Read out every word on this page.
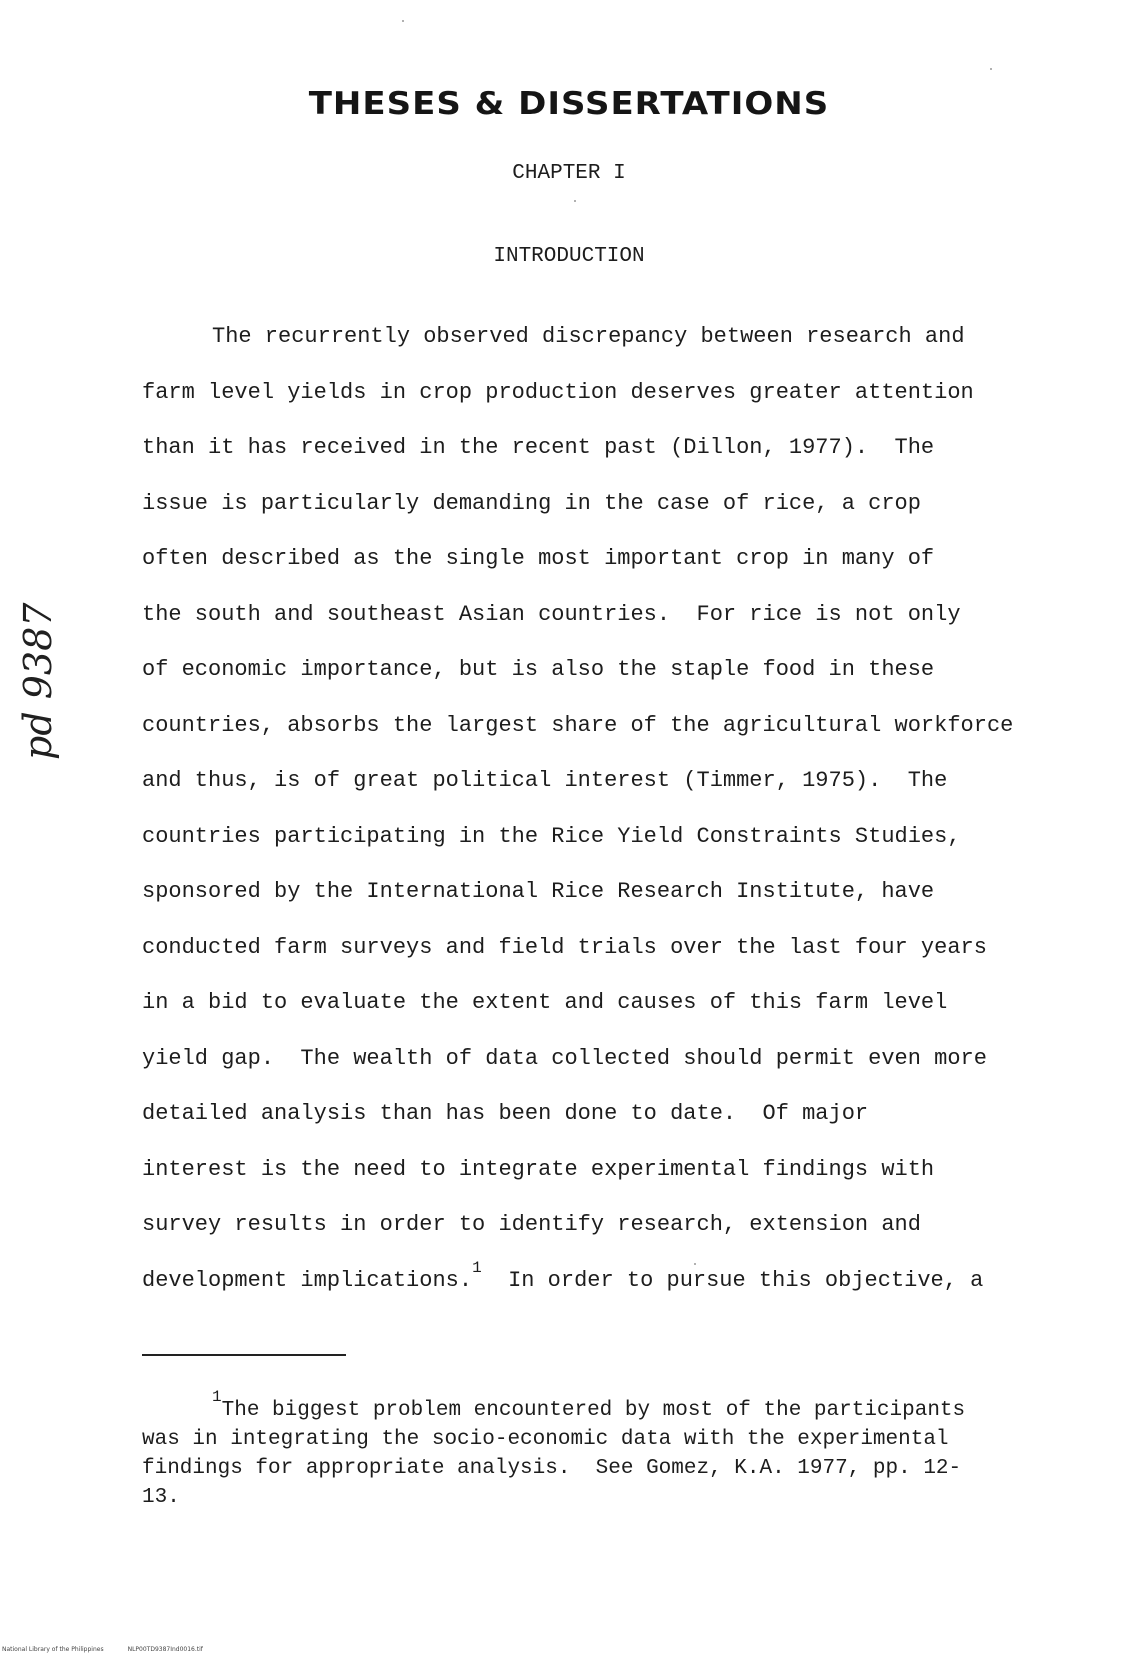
THESES & DISSERTATIONS
CHAPTER I
INTRODUCTION
The recurrently observed discrepancy between research and
farm level yields in crop production deserves greater attention
than it has received in the recent past (Dillon, 1977).  The
issue is particularly demanding in the case of rice, a crop
often described as the single most important crop in many of
the south and southeast Asian countries.  For rice is not only
of economic importance, but is also the staple food in these
countries, absorbs the largest share of the agricultural workforce
and thus, is of great political interest (Timmer, 1975).  The
countries participating in the Rice Yield Constraints Studies,
sponsored by the International Rice Research Institute, have
conducted farm surveys and field trials over the last four years
in a bid to evaluate the extent and causes of this farm level
yield gap.  The wealth of data collected should permit even more
detailed analysis than has been done to date.  Of major
interest is the need to integrate experimental findings with
survey results in order to identify research, extension and
development implications.$^1$  In order to pursue this objective, a
$^1$The biggest problem encountered by most of the participants
was in integrating the socio-economic data with the experimental
findings for appropriate analysis.  See Gomez, K.A. 1977, pp. 12-
13.
pd 9387
National Library of the Philippines	NLP00TD9387Ind0016.tif
